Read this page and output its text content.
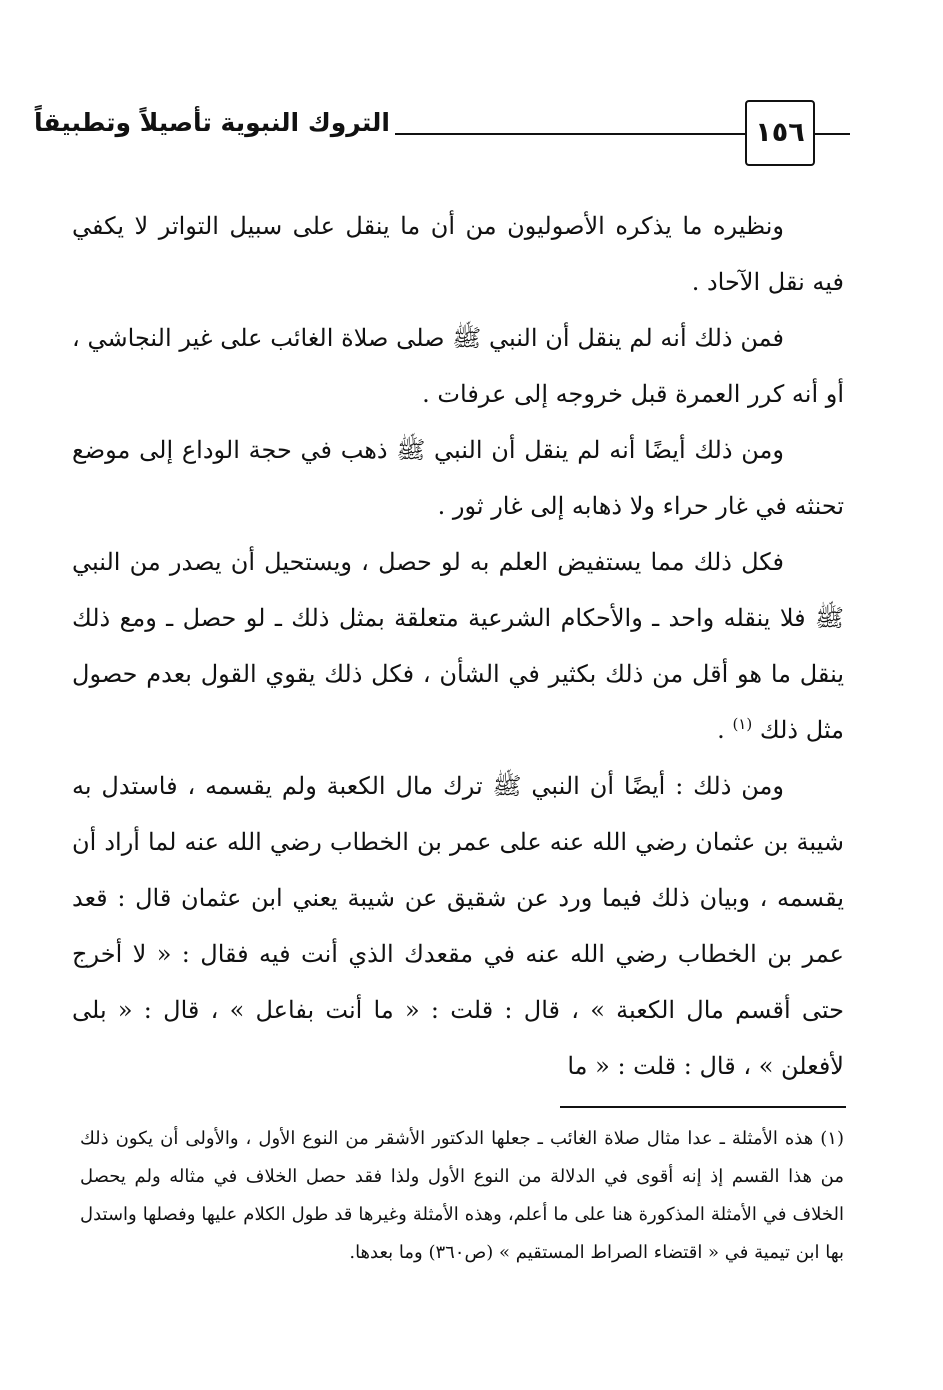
١٥٦
التروك النبوية تأصيلاً وتطبيقاً

ونظيره ما يذكره الأصوليون من أن ما ينقل على سبيل التواتر لا يكفي فيه نقل الآحاد .

فمن ذلك أنه لم ينقل أن النبي ﷺ صلى صلاة الغائب على غير النجاشي ، أو أنه كرر العمرة قبل خروجه إلى عرفات .

ومن ذلك أيضًا أنه لم ينقل أن النبي ﷺ ذهب في حجة الوداع إلى موضع تحنثه في غار حراء ولا ذهابه إلى غار ثور .

فكل ذلك مما يستفيض العلم به لو حصل ، ويستحيل أن يصدر من النبي ﷺ فلا ينقله واحد ـ والأحكام الشرعية متعلقة بمثل ذلك ـ لو حصل ـ ومع ذلك ينقل ما هو أقل من ذلك بكثير في الشأن ، فكل ذلك يقوي القول بعدم حصول مثل ذلك $^{(١)}$ .

ومن ذلك : أيضًا أن النبي ﷺ ترك مال الكعبة ولم يقسمه ، فاستدل به شيبة بن عثمان رضي الله عنه على عمر بن الخطاب رضي الله عنه لما أراد أن يقسمه ، وبيان ذلك فيما ورد عن شقيق عن شيبة يعني ابن عثمان قال : قعد عمر بن الخطاب رضي الله عنه في مقعدك الذي أنت فيه فقال : « لا أخرج حتى أقسم مال الكعبة » ، قال : قلت : « ما أنت بفاعل » ، قال : « بلى لأفعلن » ، قال : قلت : « ما

(١) هذه الأمثلة ـ عدا مثال صلاة الغائب ـ جعلها الدكتور الأشقر من النوع الأول ، والأولى أن يكون ذلك من هذا القسم إذ إنه أقوى في الدلالة من النوع الأول ولذا فقد حصل الخلاف في مثاله ولم يحصل الخلاف في الأمثلة المذكورة هنا على ما أعلم، وهذه الأمثلة وغيرها قد طول الكلام عليها وفصلها واستدل بها ابن تيمية في « اقتضاء الصراط المستقيم » (ص٣٦٠) وما بعدها.
